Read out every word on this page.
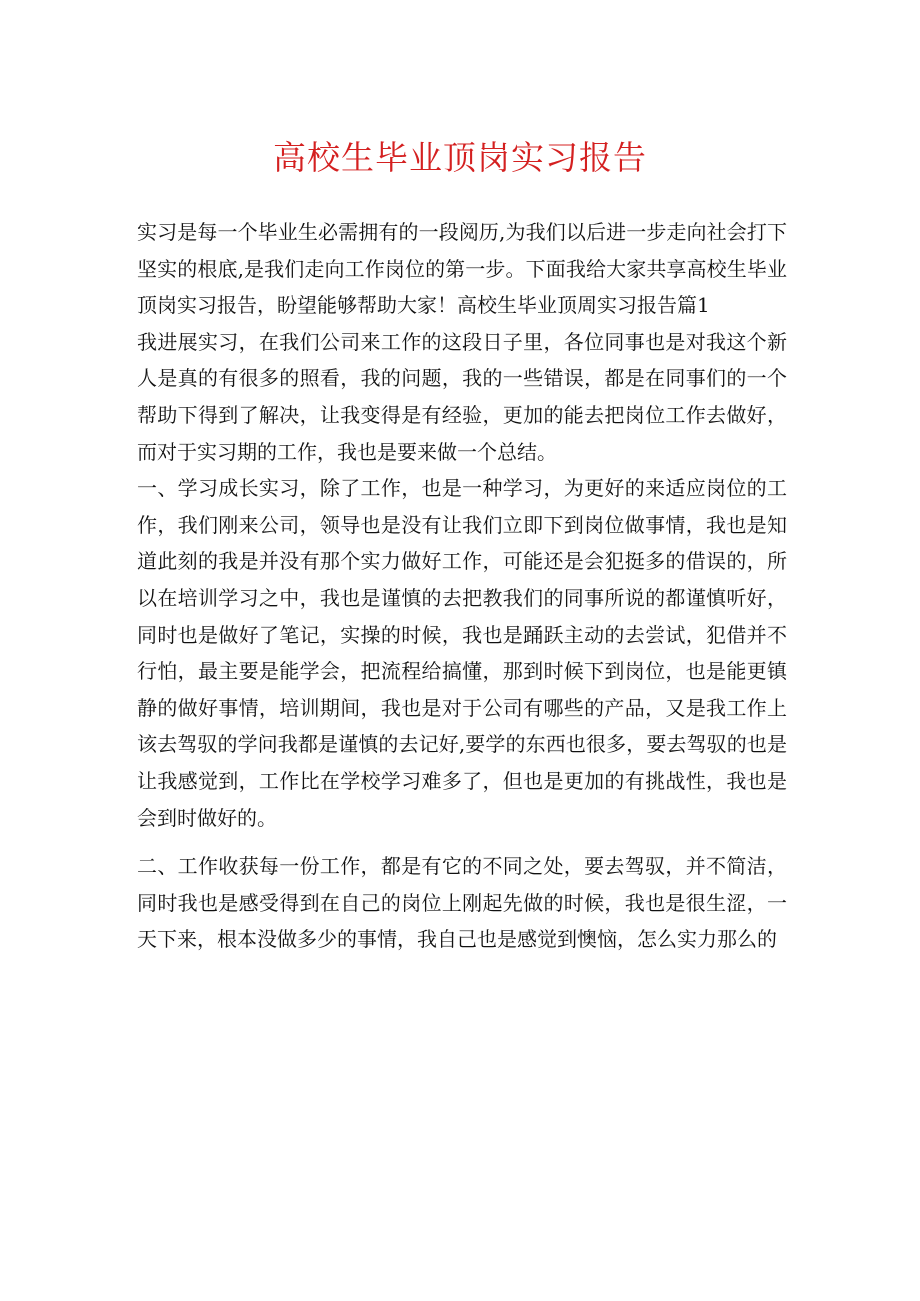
高校生毕业顶岗实习报告

实习是每一个毕业生必需拥有的一段阅历,为我们以后进一步走向社会打下坚实的根底,是我们走向工作岗位的第一步。下面我给大家共享高校生毕业顶岗实习报告，盼望能够帮助大家！高校生毕业顶周实习报告篇1

我进展实习，在我们公司来工作的这段日子里，各位同事也是对我这个新人是真的有很多的照看，我的问题，我的一些错误，都是在同事们的一个帮助下得到了解决，让我变得是有经验，更加的能去把岗位工作去做好，而对于实习期的工作，我也是要来做一个总结。

一、学习成长实习，除了工作，也是一种学习，为更好的来适应岗位的工作，我们刚来公司，领导也是没有让我们立即下到岗位做事情，我也是知道此刻的我是并没有那个实力做好工作，可能还是会犯挺多的借误的，所以在培训学习之中，我也是谨慎的去把教我们的同事所说的都谨慎听好，同时也是做好了笔记，实操的时候，我也是踊跃主动的去尝试，犯借并不行怕，最主要是能学会，把流程给搞懂，那到时候下到岗位，也是能更镇静的做好事情，培训期间，我也是对于公司有哪些的产品，又是我工作上该去驾驭的学问我都是谨慎的去记好,要学的东西也很多，要去驾驭的也是让我感觉到，工作比在学校学习难多了，但也是更加的有挑战性，我也是会到时做好的。

二、工作收获每一份工作，都是有它的不同之处，要去驾驭，并不简洁，同时我也是感受得到在自己的岗位上刚起先做的时候，我也是很生涩，一天下来，根本没做多少的事情，我自己也是感觉到懊恼，怎么实力那么的
